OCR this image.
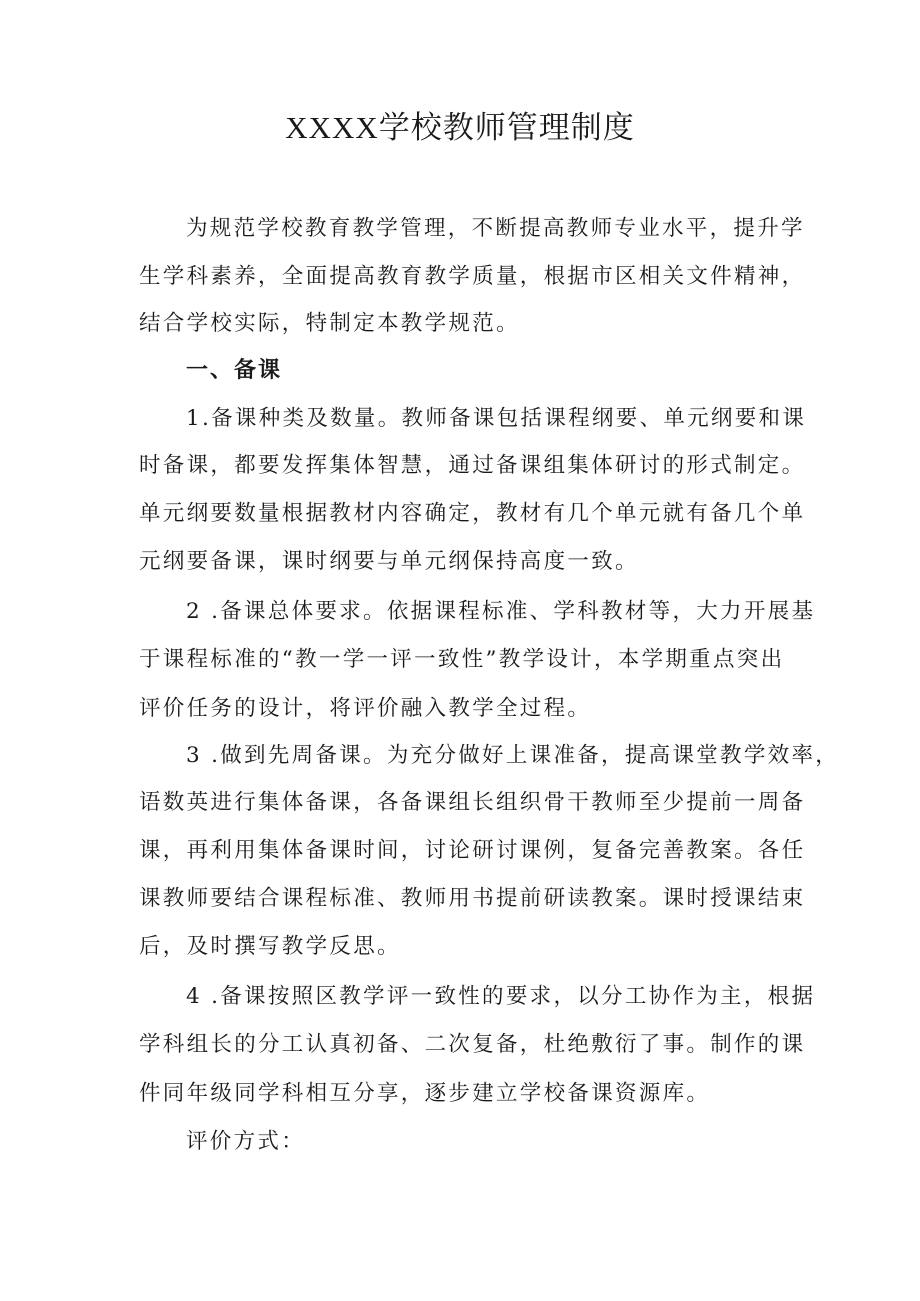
XXXX学校教师管理制度
为规范学校教育教学管理，不断提高教师专业水平，提升学
生学科素养，全面提高教育教学质量，根据市区相关文件精神，
结合学校实际，特制定本教学规范。
一、备课
1.备课种类及数量。教师备课包括课程纲要、单元纲要和课
时备课，都要发挥集体智慧，通过备课组集体研讨的形式制定。
单元纲要数量根据教材内容确定，教材有几个单元就有备几个单
元纲要备课，课时纲要与单元纲保持高度一致。
2 .备课总体要求。依据课程标准、学科教材等，大力开展基
于课程标准的“教一学一评一致性”教学设计，本学期重点突出
评价任务的设计，将评价融入教学全过程。
3 .做到先周备课。为充分做好上课准备，提高课堂教学效率，
语数英进行集体备课，各备课组长组织骨干教师至少提前一周备
课，再利用集体备课时间，讨论研讨课例，复备完善教案。各任
课教师要结合课程标准、教师用书提前研读教案。课时授课结束
后，及时撰写教学反思。
4 .备课按照区教学评一致性的要求，以分工协作为主，根据
学科组长的分工认真初备、二次复备，杜绝敷衍了事。制作的课
件同年级同学科相互分享，逐步建立学校备课资源库。
评价方式：
